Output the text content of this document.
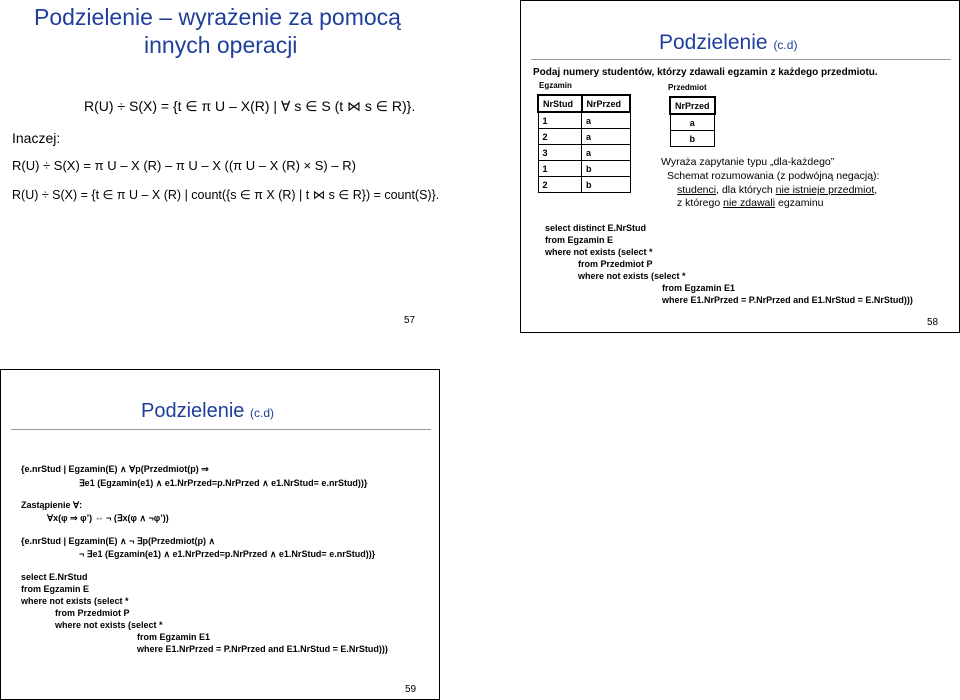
Podzielenie – wyrażenie za pomocą
innych operacji
R(U) ÷ S(X) = {t ∈ π U – X(R) | ∀ s ∈ S (t ⋈ s ∈ R)}.
Inaczej:
R(U) ÷ S(X) = π U – X (R) – π U – X ((π U – X (R) × S) – R)
R(U) ÷ S(X) = {t ∈ π U – X (R) | count({s ∈ π X (R) | t ⋈ s ∈ R}) = count(S)}.
57
Podzielenie (c.d)
Podaj numery studentów, którzy zdawali egzamin z każdego przedmiotu.
Egzamin
NrStud	NrPrzed
1	a
2	a
3	a
1	b
2	b
Przedmiot
NrPrzed
a
b
Wyraża zapytanie typu „dla-każdego”
Schemat rozumowania (z podwójną negacją):
studenci, dla których nie istnieje przedmiot,
z którego nie zdawali egzaminu
select distinct E.NrStud
from Egzamin E
where not exists (select *
from Przedmiot P
where not exists (select *
from Egzamin E1
where E1.NrPrzed = P.NrPrzed and E1.NrStud = E.NrStud)))
58
Podzielenie (c.d)
{e.nrStud | Egzamin(E) ∧ ∀p(Przedmiot(p) ⇒
∃e1 (Egzamin(e1) ∧ e1.NrPrzed=p.NrPrzed ∧ e1.NrStud= e.nrStud))}
Zastąpienie ∀:
∀x(φ ⇒ φ’) ⇔ ¬ (∃x(φ ∧ ¬φ’))
{e.nrStud | Egzamin(E) ∧ ¬ ∃p(Przedmiot(p) ∧
¬ ∃e1 (Egzamin(e1) ∧ e1.NrPrzed=p.NrPrzed ∧ e1.NrStud= e.nrStud))}
select E.NrStud
from Egzamin E
where not exists (select *
from Przedmiot P
where not exists (select *
from Egzamin E1
where E1.NrPrzed = P.NrPrzed and E1.NrStud = E.NrStud)))
59
